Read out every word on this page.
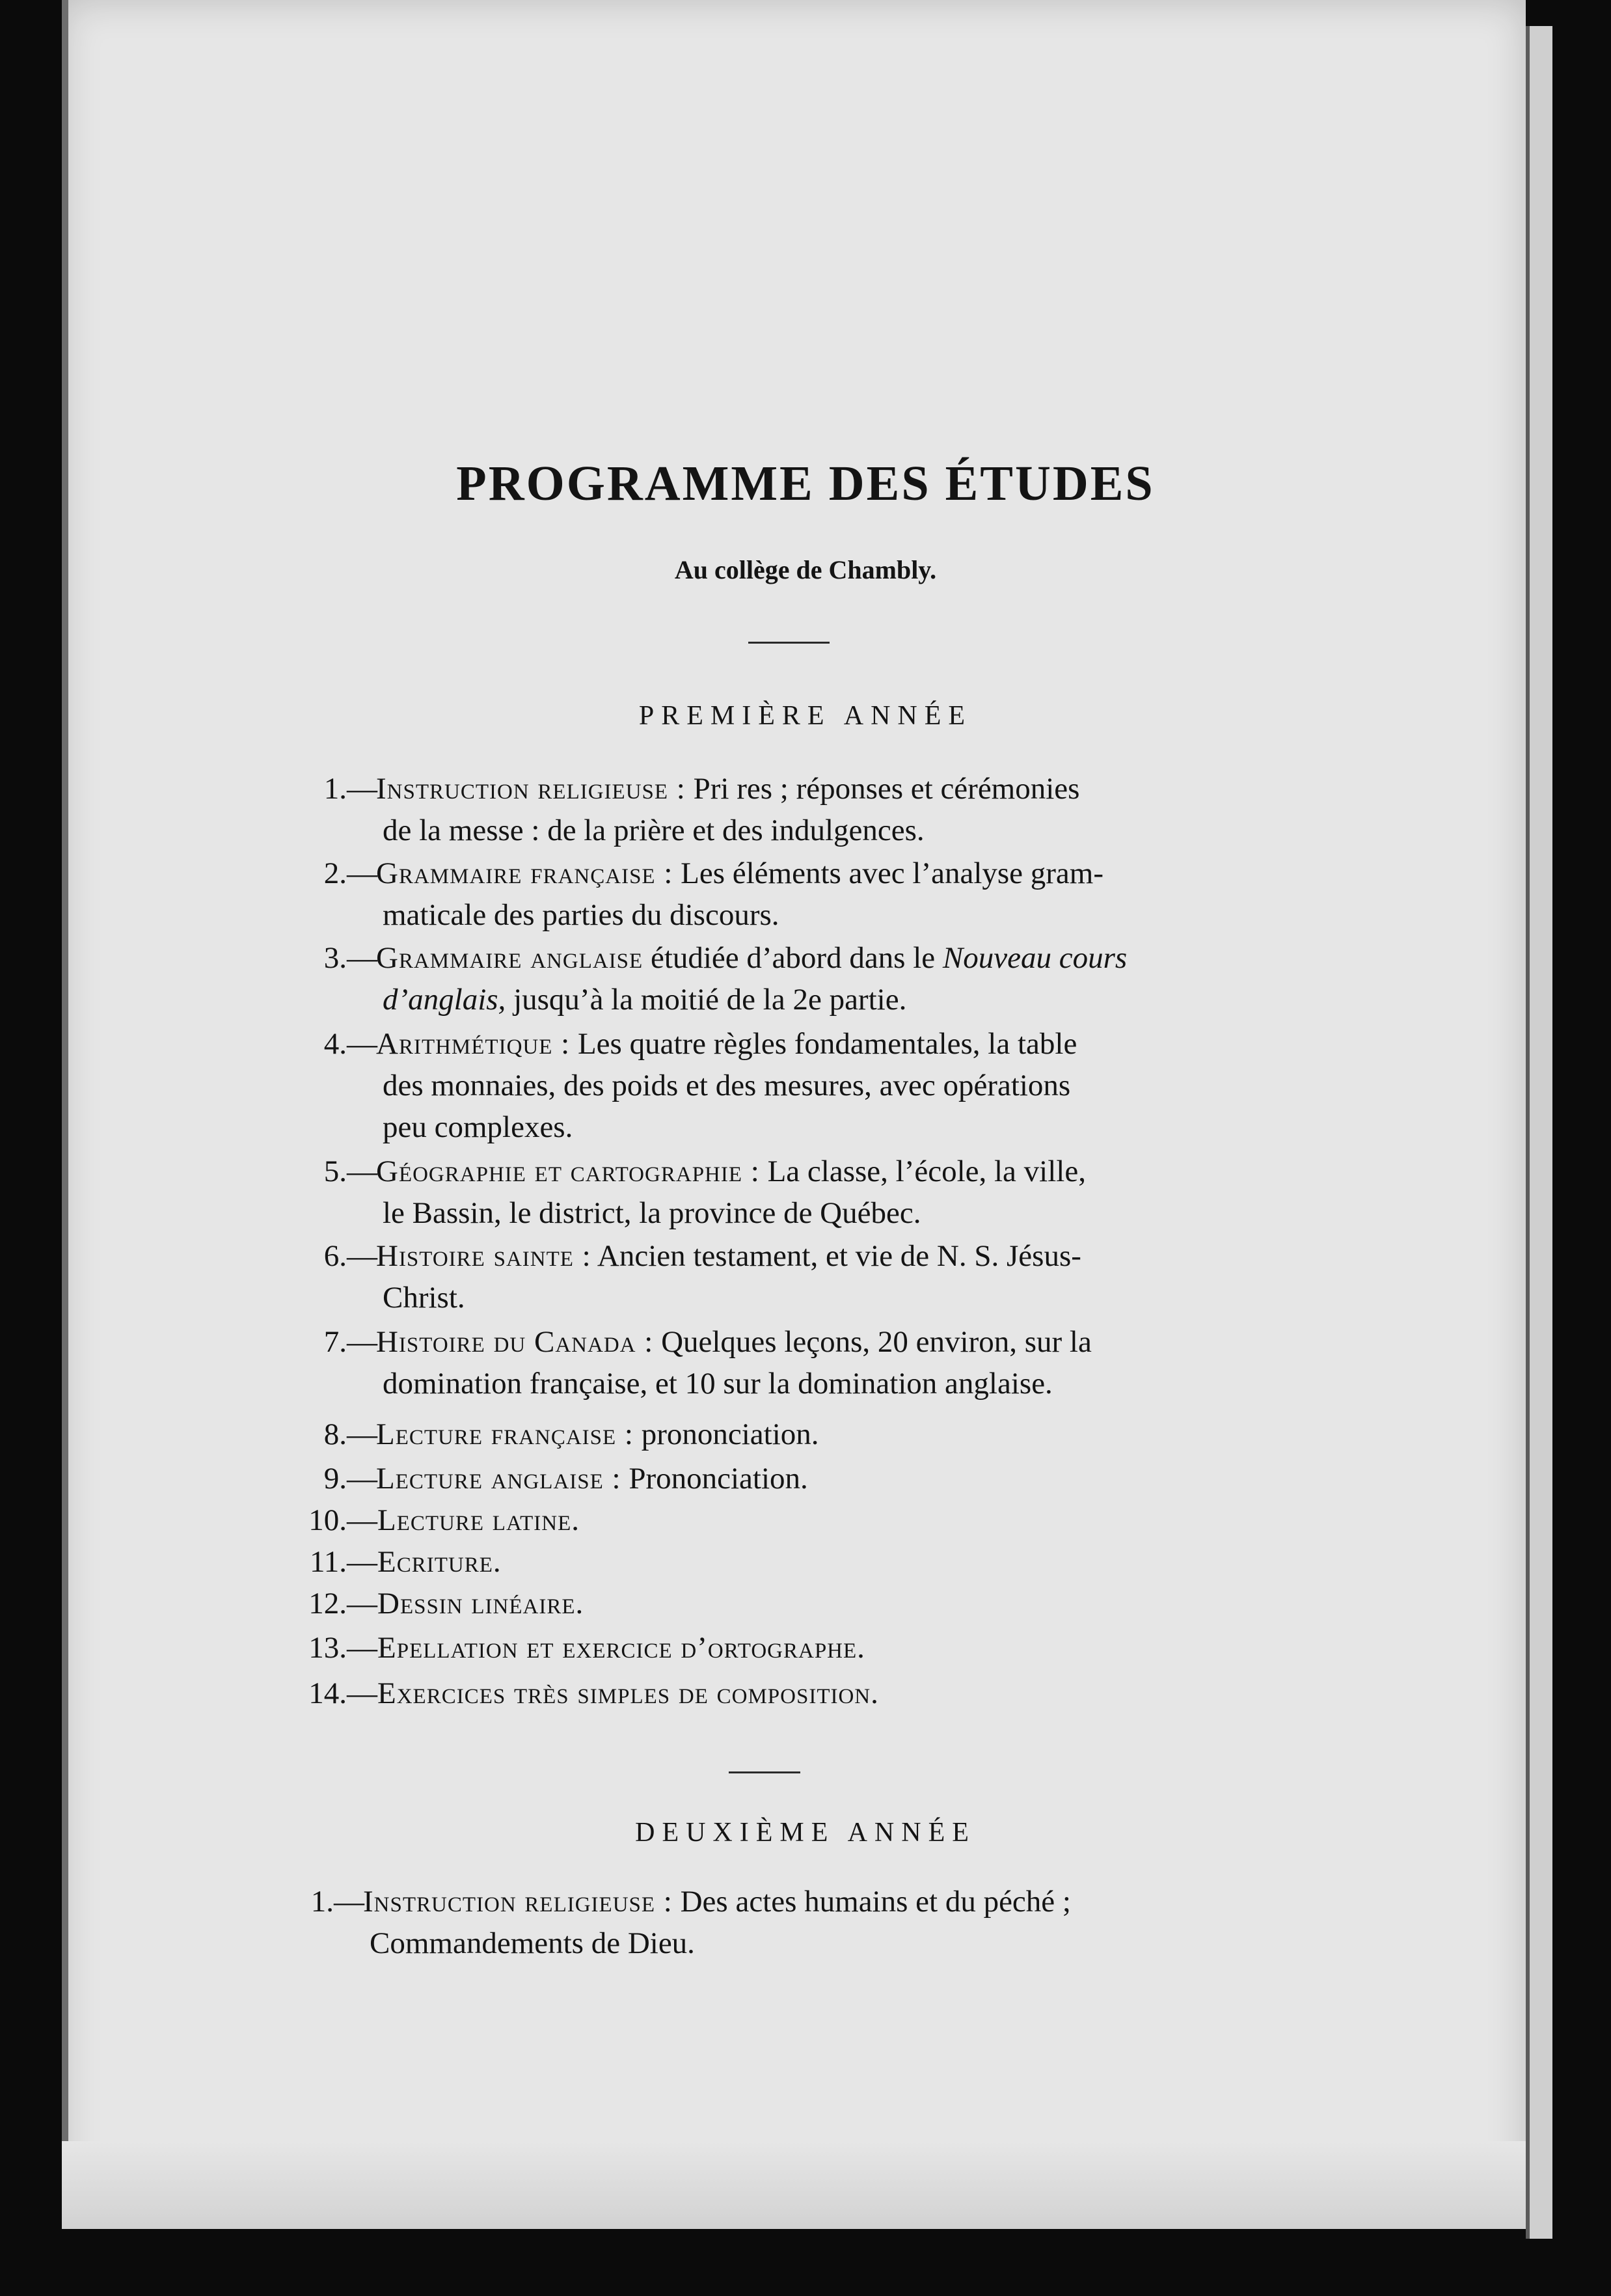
PROGRAMME DES ÉTUDES
Au collège de Chambly.
PREMIÈRE ANNÉE
1.—
Instruction religieuse : Pri res ; réponses et cérémonies
de la messe : de la prière et des indulgences.
2.—
Grammaire française : Les éléments avec l’analyse gram-
maticale des parties du discours.
3.—
Grammaire anglaise étudiée d’abord dans le Nouveau cours
d’anglais, jusqu’à la moitié de la 2e partie.
4.—
Arithmétique : Les quatre règles fondamentales, la table
des monnaies, des poids et des mesures, avec opérations
peu complexes.
5.—
Géographie et cartographie : La classe, l’école, la ville,
le Bassin, le district, la province de Québec.
6.—
Histoire sainte : Ancien testament, et vie de N. S. Jésus-
Christ.
7.—
Histoire du Canada : Quelques leçons, 20 environ, sur la
domination française, et 10 sur la domination anglaise.
8.—
Lecture française : prononciation.
9.—
Lecture anglaise : Prononciation.
10.— Lecture latine.
11.— Ecriture.
12.— Dessin linéaire.
13.— Epellation et exercice d’ortographe.
14.— Exercices très simples de composition.
DEUXIÈME ANNÉE
1.—
Instruction religieuse : Des actes humains et du péché ;
Commandements de Dieu.
